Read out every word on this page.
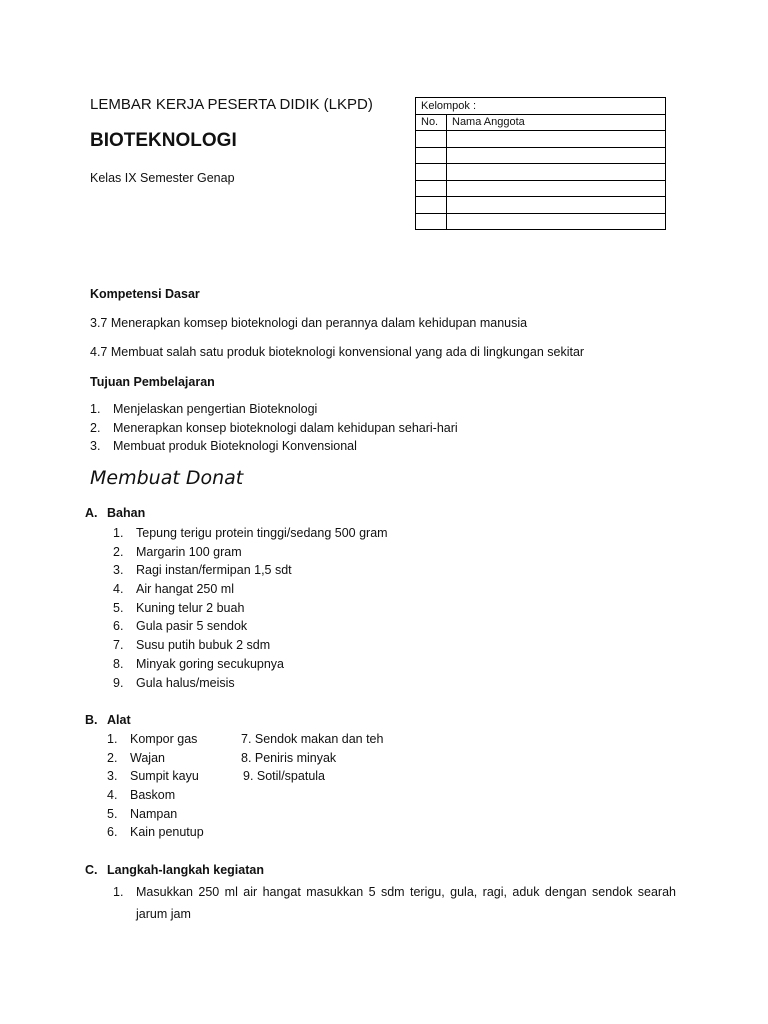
LEMBAR KERJA PESERTA DIDIK (LKPD)
BIOTEKNOLOGI
Kelas IX Semester Genap
Kelompok :	
No.	Nama Anggota

Kompetensi Dasar
3.7 Menerapkan komsep bioteknologi dan perannya dalam kehidupan manusia
4.7 Membuat salah satu produk bioteknologi konvensional yang ada di lingkungan sekitar
Tujuan Pembelajaran
1. Menjelaskan pengertian Bioteknologi
2. Menerapkan konsep bioteknologi dalam kehidupan sehari-hari
3. Membuat produk Bioteknologi Konvensional
Membuat Donat
A. Bahan
1. Tepung terigu protein tinggi/sedang 500 gram
2. Margarin 100 gram
3. Ragi instan/fermipan 1,5 sdt
4. Air hangat 250 ml
5. Kuning telur 2 buah
6. Gula pasir 5 sendok
7. Susu putih bubuk 2 sdm
8. Minyak goring secukupnya
9. Gula halus/meisis
B. Alat
1. Kompor gas
2. Wajan
3. Sumpit kayu
4. Baskom
5. Nampan
6. Kain penutup
7. Sendok makan dan teh
8. Peniris minyak
9. Sotil/spatula
C. Langkah-langkah kegiatan
1. Masukkan 250 ml air hangat masukkan 5 sdm terigu, gula, ragi, aduk dengan sendok searah jarum jam
